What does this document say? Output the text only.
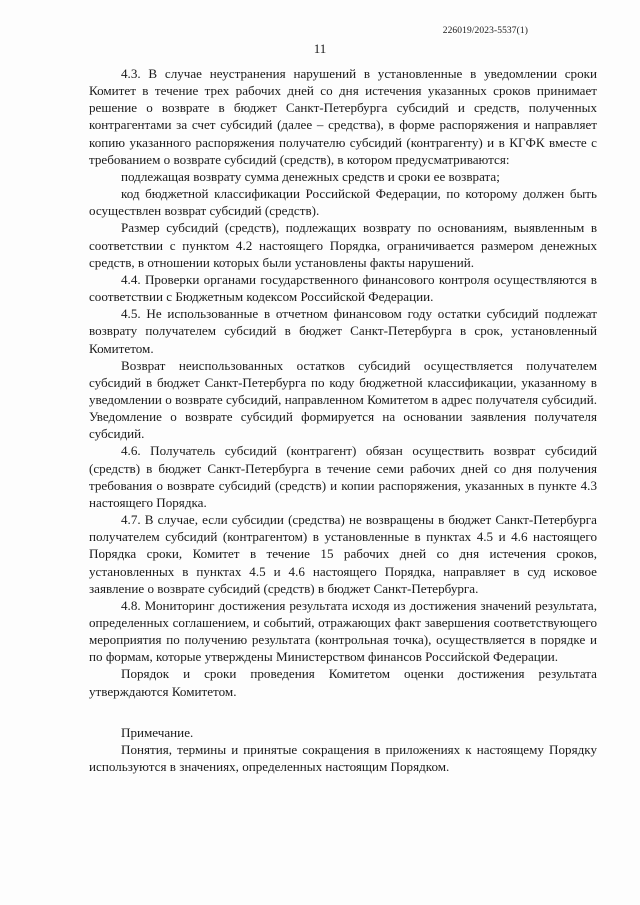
226019/2023-5537(1)
11

4.3. В случае неустранения нарушений в установленные в уведомлении сроки Комитет в течение трех рабочих дней со дня истечения указанных сроков принимает решение о возврате в бюджет Санкт-Петербурга субсидий и средств, полученных контрагентами за счет субсидий (далее – средства), в форме распоряжения и направляет копию указанного распоряжения получателю субсидий (контрагенту) и в КГФК вместе с требованием о возврате субсидий (средств), в котором предусматриваются:

подлежащая возврату сумма денежных средств и сроки ее возврата;

код бюджетной классификации Российской Федерации, по которому должен быть осуществлен возврат субсидий (средств).

Размер субсидий (средств), подлежащих возврату по основаниям, выявленным в соответствии с пунктом 4.2 настоящего Порядка, ограничивается размером денежных средств, в отношении которых были установлены факты нарушений.

4.4. Проверки органами государственного финансового контроля осуществляются в соответствии с Бюджетным кодексом Российской Федерации.

4.5. Не использованные в отчетном финансовом году остатки субсидий подлежат возврату получателем субсидий в бюджет Санкт-Петербурга в срок, установленный Комитетом.

Возврат неиспользованных остатков субсидий осуществляется получателем субсидий в бюджет Санкт-Петербурга по коду бюджетной классификации, указанному в уведомлении о возврате субсидий, направленном Комитетом в адрес получателя субсидий. Уведомление о возврате субсидий формируется на основании заявления получателя субсидий.

4.6. Получатель субсидий (контрагент) обязан осуществить возврат субсидий (средств) в бюджет Санкт-Петербурга в течение семи рабочих дней со дня получения требования о возврате субсидий (средств) и копии распоряжения, указанных в пункте 4.3 настоящего Порядка.

4.7. В случае, если субсидии (средства) не возвращены в бюджет Санкт-Петербурга получателем субсидий (контрагентом) в установленные в пунктах 4.5 и 4.6 настоящего Порядка сроки, Комитет в течение 15 рабочих дней со дня истечения сроков, установленных в пунктах 4.5 и 4.6 настоящего Порядка, направляет в суд исковое заявление о возврате субсидий (средств) в бюджет Санкт-Петербурга.

4.8. Мониторинг достижения результата исходя из достижения значений результата, определенных соглашением, и событий, отражающих факт завершения соответствующего мероприятия по получению результата (контрольная точка), осуществляется в порядке и по формам, которые утверждены Министерством финансов Российской Федерации.

Порядок и сроки проведения Комитетом оценки достижения результата утверждаются Комитетом.

Примечание.

Понятия, термины и принятые сокращения в приложениях к настоящему Порядку используются в значениях, определенных настоящим Порядком.
